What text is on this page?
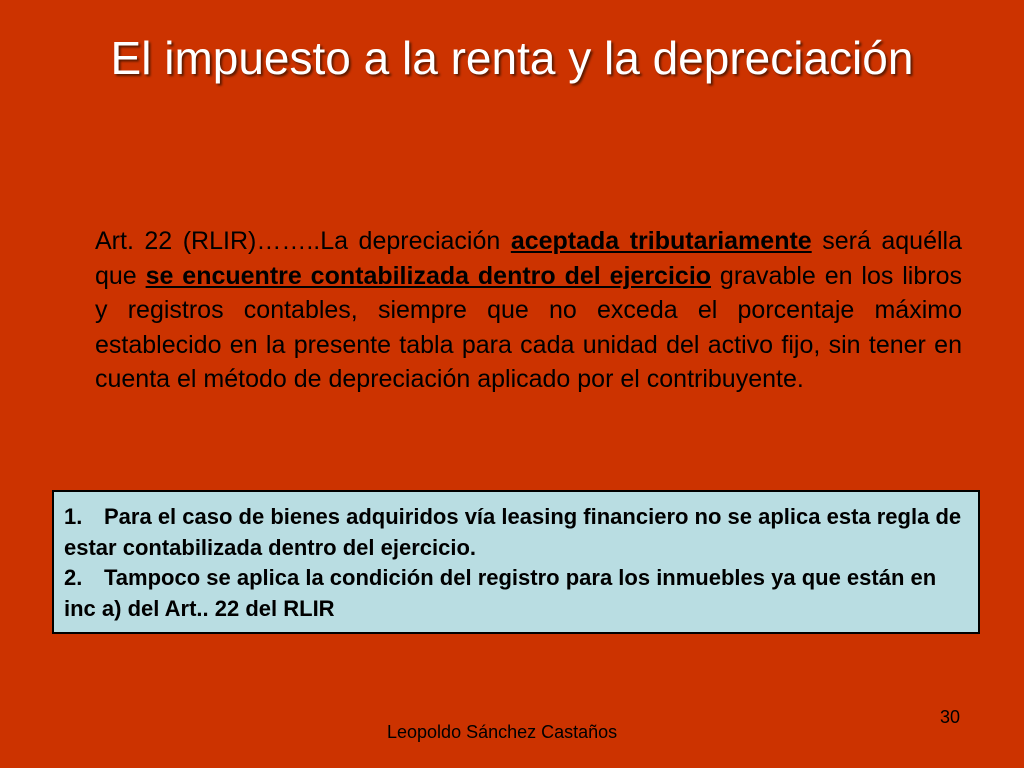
El impuesto a la renta y la depreciación
Art. 22 (RLIR)……..La depreciación aceptada tributariamente será aquélla que se encuentre contabilizada dentro del ejercicio gravable en los libros y registros contables, siempre que no exceda el porcentaje máximo establecido en la presente tabla para cada unidad del activo fijo, sin tener en cuenta el método de depreciación aplicado por el contribuyente.

1. Para el caso de bienes adquiridos vía leasing financiero no se aplica esta regla de estar contabilizada dentro del ejercicio.

2. Tampoco se aplica la condición del registro para los inmuebles ya que están en inc a) del Art.. 22 del RLIR

Leopoldo Sánchez Castaños
30
